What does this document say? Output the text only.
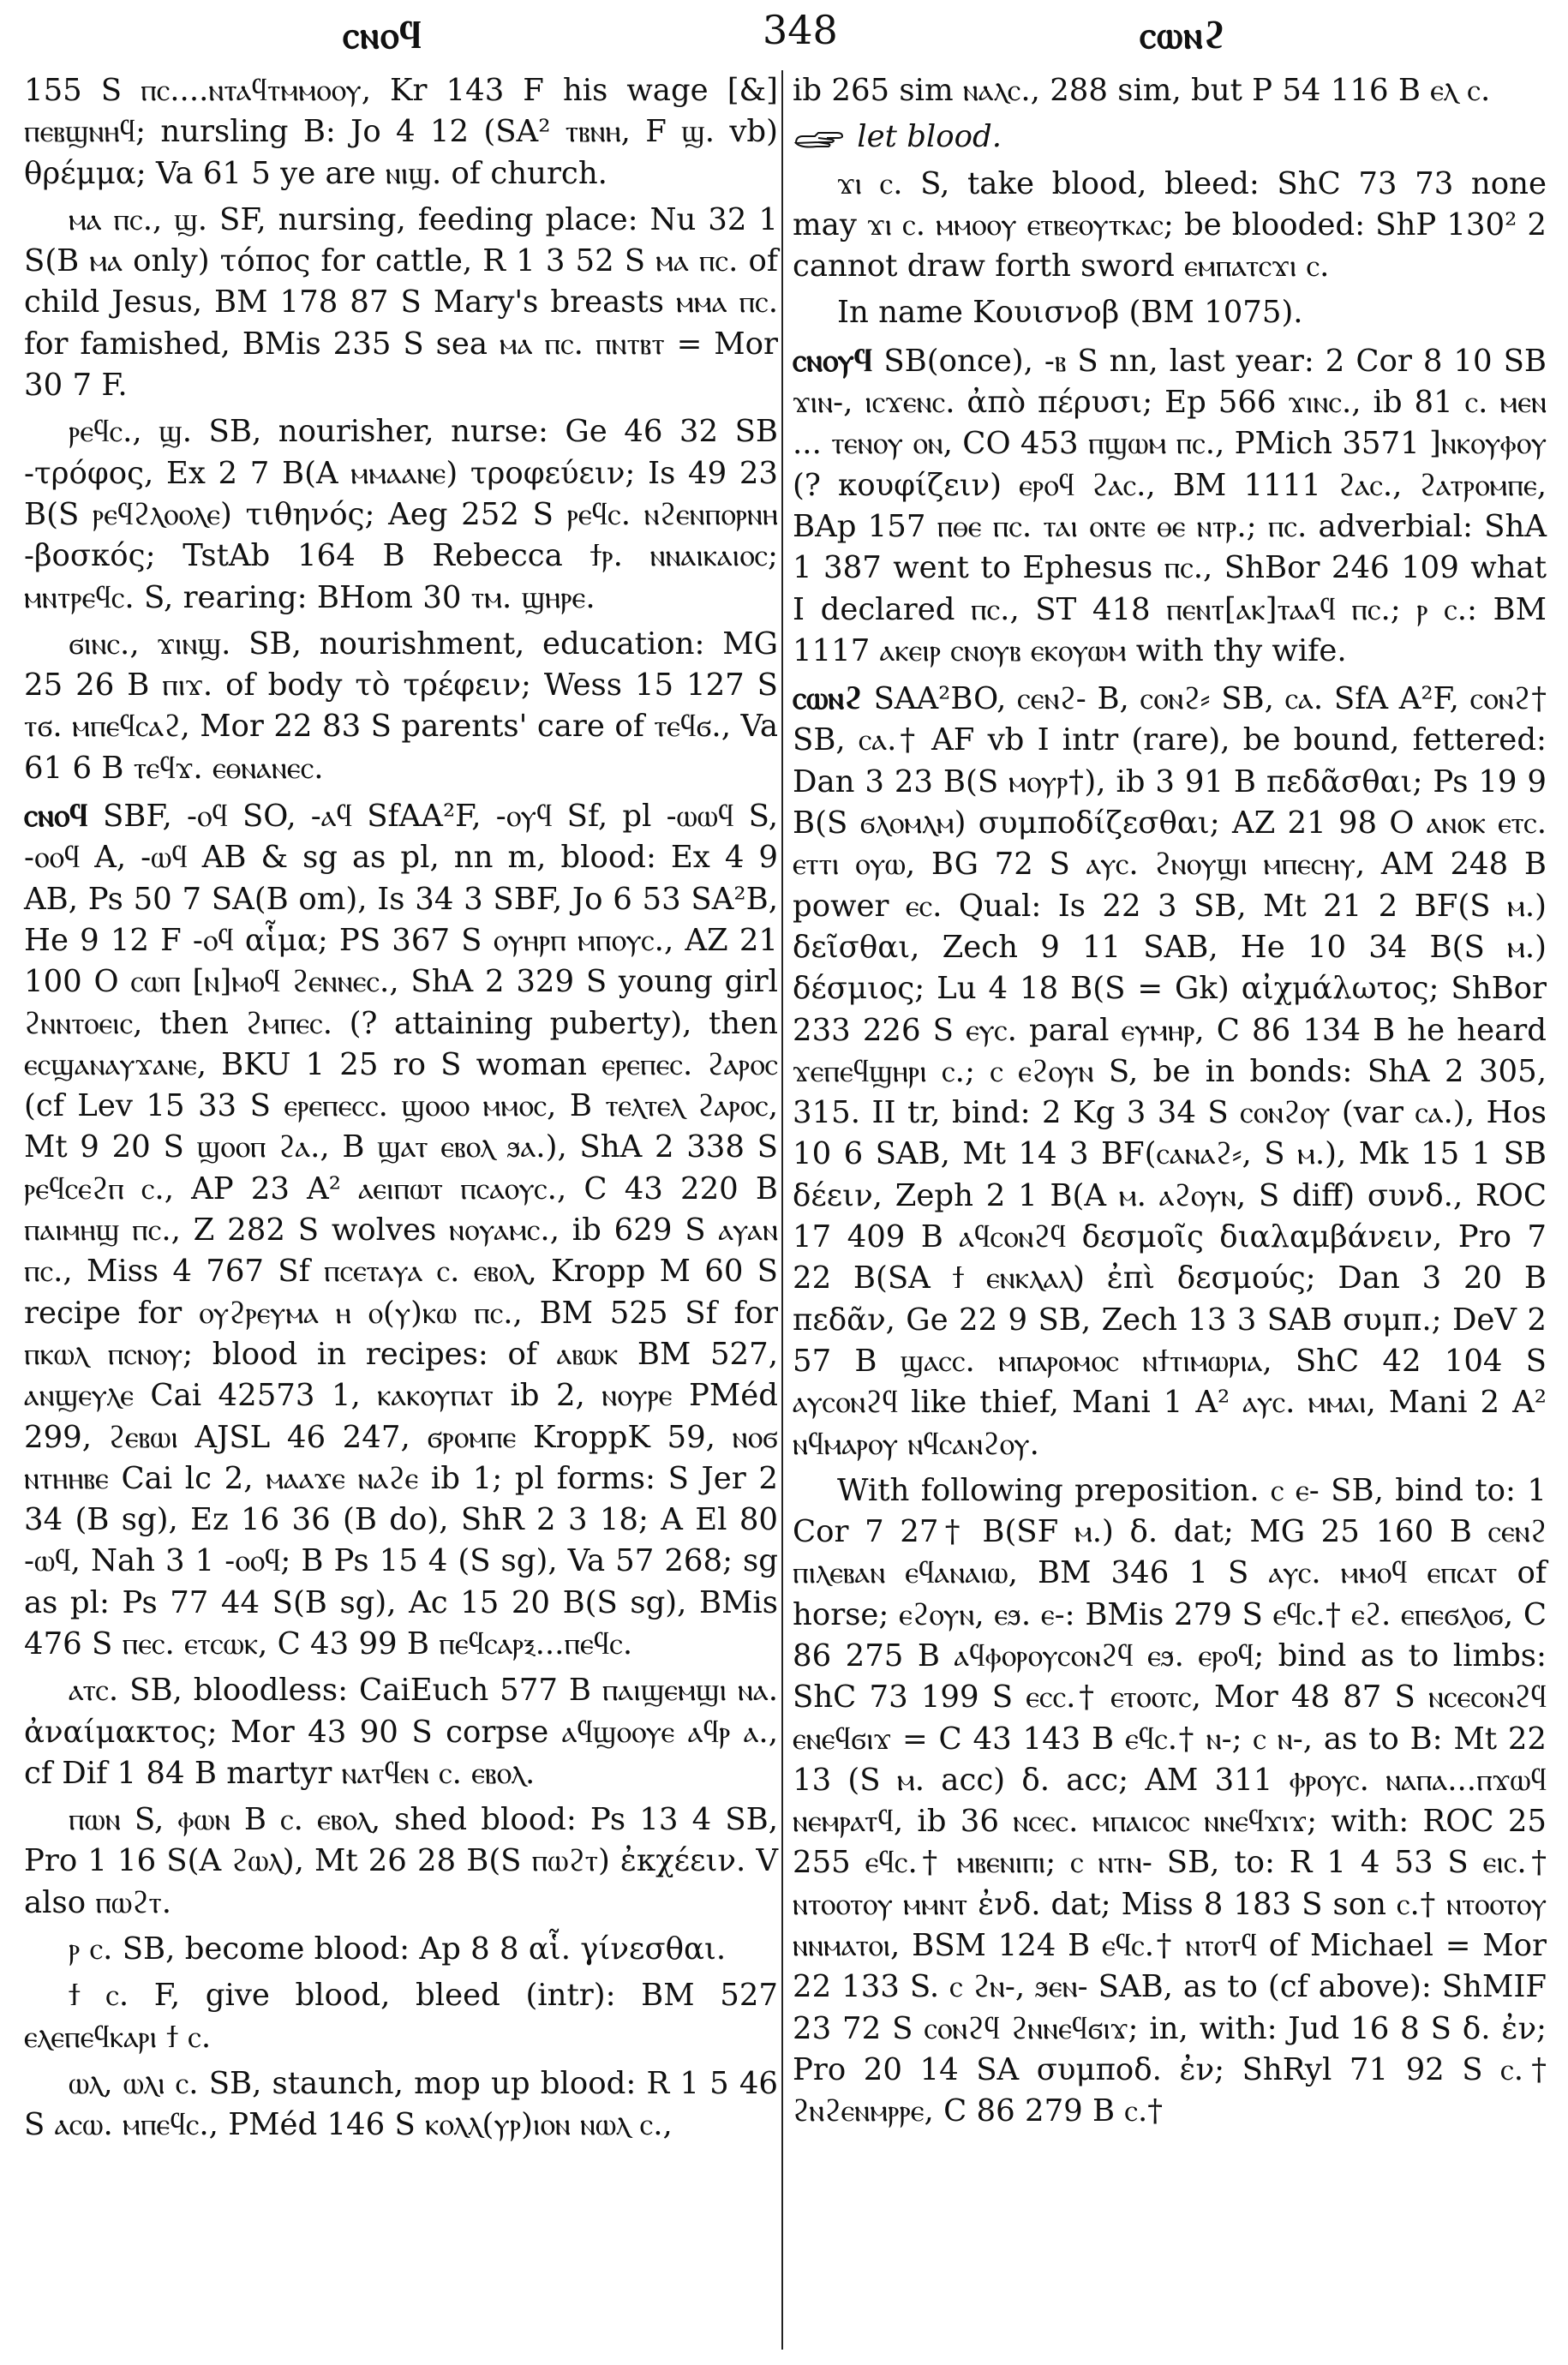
ⲥⲛⲟϥ	348	ⲥⲱⲛϩ

155 S ⲡⲥ....ⲛⲧⲁϥⲧⲙⲙⲟⲟⲩ, Kr 143 F his wage [&] ⲡⲉⲃϣⲛⲏϥ; nursling B: Jo 4 12 (SA² ⲧⲃⲛⲏ, F ϣ. vb) θρέμμα; Va 61 5 ye are ⲛⲓϣ. of church.

ⲙⲁ ⲡⲥ., ϣ. SF, nursing, feeding place: Nu 32 1 S(B ⲙⲁ only) τόπος for cattle, R 1 3 52 S ⲙⲁ ⲡⲥ. of child Jesus, BM 178 87 S Mary's breasts ⲙⲙⲁ ⲡⲥ. for famished, BMis 235 S sea ⲙⲁ ⲡⲥ. ⲡⲛⲧⲃⲧ = Mor 30 7 F.

ⲣⲉϥⲥ., ϣ. SB, nourisher, nurse: Ge 46 32 SB -τρόφος, Ex 2 7 B(A ⲙⲙⲁⲁⲛⲉ) τροφεύειν; Is 49 23 B(S ⲣⲉϥϩⲗⲟⲟⲗⲉ) τιθηνός; Aeg 252 S ⲣⲉϥⲥ. ⲛϩⲉⲛⲡⲟⲣⲛⲏ -βοσκός; TstAb 164 B Rebecca ϯⲣ. ⲛⲛⲁⲓⲕⲁⲓⲟⲥ; ⲙⲛⲧⲣⲉϥⲥ. S, rearing: BHom 30 ⲧⲙ. ϣⲏⲣⲉ.

ϭⲓⲛⲥ., ϫⲓⲛϣ. SB, nourishment, education: MG 25 26 B ⲡⲓϫ. of body τὸ τρέφειν; Wess 15 127 S ⲧϭ. ⲙⲡⲉϥⲥⲁϩ, Mor 22 83 S parents' care of ⲧⲉϥϭ., Va 61 6 B ⲧⲉϥϫ. ⲉⲑⲛⲁⲛⲉⲥ.

ⲥⲛⲟϥ SBF, -ⲟϥ SO, -ⲁϥ SfAA²F, -ⲟⲩϥ Sf, pl -ⲱⲱϥ S, -ⲟⲟϥ A, -ⲱϥ AB & sg as pl, nn m, blood: Ex 4 9 AB, Ps 50 7 SA(B om), Is 34 3 SBF, Jo 6 53 SA²B, He 9 12 F -ⲟϥ αἷμα; PS 367 S ⲟⲩⲏⲣⲡ ⲙⲡⲟⲩⲥ., AZ 21 100 O ⲥⲱⲡ [ⲛ]ⲙⲟϥ ϩⲉⲛⲛⲉⲥ., ShA 2 329 S young girl ϩⲛⲛⲧⲟⲉⲓⲥ, then ϩⲙⲡⲉⲥ. (? attaining puberty), then ⲉⲥϣⲁⲛⲁⲩϫⲁⲛⲉ, BKU 1 25 ro S woman ⲉⲣⲉⲡⲉⲥ. ϩⲁⲣⲟⲥ (cf Lev 15 33 S ⲉⲣⲉⲡⲉⲥⲥ. ϣⲟⲟⲟ ⲙⲙⲟⲥ, B ⲧⲉⲗⲧⲉⲗ ϩⲁⲣⲟⲥ, Mt 9 20 S ϣⲟⲟⲡ ϩⲁ., B ϣⲁⲧ ⲉⲃⲟⲗ ϧⲁ.), ShA 2 338 S ⲣⲉϥⲥⲉϩⲡ ⲥ., AP 23 A² ⲁⲉⲓⲡⲱⲧ ⲡⲥⲁⲟⲩⲥ., C 43 220 B ⲡⲁⲓⲙⲏϣ ⲡⲥ., Z 282 S wolves ⲛⲟⲩⲁⲙⲥ., ib 629 S ⲁⲩⲁⲛ ⲡⲥ., Miss 4 767 Sf ⲡⲥⲉⲧⲁⲩⲁ ⲥ. ⲉⲃⲟⲗ, Kropp M 60 S recipe for ⲟⲩϩⲣⲉⲩⲙⲁ ⲏ ⲟ(ⲩ)ⲕⲱ ⲡⲥ., BM 525 Sf for ⲡⲕⲱⲗ ⲡⲥⲛⲟⲩ; blood in recipes: of ⲁⲃⲱⲕ BM 527, ⲁⲛϣⲉⲩⲗⲉ Cai 42573 1, ⲕⲁⲕⲟⲩⲡⲁⲧ ib 2, ⲛⲟⲩⲣⲉ PMéd 299, ϩⲉⲃⲱⲓ AJSL 46 247, ϭⲣⲟⲙⲡⲉ KroppK 59, ⲛⲟϭ ⲛⲧⲏⲏⲃⲉ Cai lc 2, ⲙⲁⲁϫⲉ ⲛⲁϩⲉ ib 1; pl forms: S Jer 2 34 (B sg), Ez 16 36 (B do), ShR 2 3 18; A El 80 -ⲱϥ, Nah 3 1 -ⲟⲟϥ; B Ps 15 4 (S sg), Va 57 268; sg as pl: Ps 77 44 S(B sg), Ac 15 20 B(S sg), BMis 476 S ⲡⲉⲥ. ⲉⲧⲥⲱⲕ, C 43 99 B ⲡⲉϥⲥⲁⲣⲝ...ⲡⲉϥⲥ.

ⲁⲧⲥ. SB, bloodless: CaiEuch 577 B ⲡⲁⲓϣⲉⲙϣⲓ ⲛⲁ. ἀναίμακτος; Mor 43 90 S corpse ⲁϥϣⲟⲟⲩⲉ ⲁϥⲣ ⲁ., cf Dif 1 84 B martyr ⲛⲁⲧϥⲉⲛ ⲥ. ⲉⲃⲟⲗ.

ⲡⲱⲛ S, ⲫⲱⲛ B ⲥ. ⲉⲃⲟⲗ, shed blood: Ps 13 4 SB, Pro 1 16 S(A ϩⲱⲗ), Mt 26 28 B(S ⲡⲱϩⲧ) ἐκχέειν. V also ⲡⲱϩⲧ.

ⲣ ⲥ. SB, become blood: Ap 8 8 αἷ. γίνεσθαι.

ϯ ⲥ. F, give blood, bleed (intr): BM 527 ⲉⲗⲉⲡⲉϥⲕⲁⲣⲓ ϯ ⲥ.

ⲱⲗ, ⲱⲗⲓ ⲥ. SB, staunch, mop up blood: R 1 5 46 S ⲁⲥⲱ. ⲙⲡⲉϥⲥ., PMéd 146 S ⲕⲟⲗⲗ(ⲩⲣ)ⲓⲟⲛ ⲛⲱⲗ ⲥ.,

ib 265 sim ⲛⲁⲗⲥ., 288 sim, but P 54 116 B ⲉⲗ ⲥ.

let blood.

ϫⲓ ⲥ. S, take blood, bleed: ShC 73 73 none may ϫⲓ ⲥ. ⲙⲙⲟⲟⲩ ⲉⲧⲃⲉⲟⲩⲧⲕⲁⲥ; be blooded: ShP 130² 2 cannot draw forth sword ⲉⲙⲡⲁⲧⲥϫⲓ ⲥ.

In name Κουισνοβ (BM 1075).

ⲥⲛⲟⲩϥ SB(once), -ⲃ S nn, last year: 2 Cor 8 10 SB ϫⲓⲛ-, ⲓⲥϫⲉⲛⲥ. ἀπὸ πέρυσι; Ep 566 ϫⲓⲛⲥ., ib 81 ⲥ. ⲙⲉⲛ ... ⲧⲉⲛⲟⲩ ⲟⲛ, CO 453 ⲡϣⲱⲙ ⲡⲥ., PMich 3571 ]ⲛⲕⲟⲩⲫⲟⲩ (? κουφίζειν) ⲉⲣⲟϥ ϩⲁⲥ., BM 1111 ϩⲁⲥ., ϩⲁⲧⲣⲟⲙⲡⲉ, BAp 157 ⲡⲑⲉ ⲡⲥ. ⲧⲁⲓ ⲟⲛⲧⲉ ⲑⲉ ⲛⲧⲣ.; ⲡⲥ. adverbial: ShA 1 387 went to Ephesus ⲡⲥ., ShBor 246 109 what I declared ⲡⲥ., ST 418 ⲡⲉⲛⲧ[ⲁⲕ]ⲧⲁⲁϥ ⲡⲥ.; ⲣ ⲥ.: BM 1117 ⲁⲕⲉⲓⲣ ⲥⲛⲟⲩⲃ ⲉⲕⲟⲩⲱⲙ with thy wife.

ⲥⲱⲛϩ SAA²BO, ⲥⲉⲛϩ- B, ⲥⲟⲛϩ⸗ SB, ⲥⲁ. SfA A²F, ⲥⲟⲛϩ† SB, ⲥⲁ.† AF vb I intr (rare), be bound, fettered: Dan 3 23 B(S ⲙⲟⲩⲣ†), ib 3 91 B πεδᾶσθαι; Ps 19 9 B(S ϭⲗⲟⲙⲗⲙ) συμποδίζεσθαι; AZ 21 98 O ⲁⲛⲟⲕ ⲉⲧⲥ. ⲉⲧⲧⲓ ⲟⲩⲱ, BG 72 S ⲁⲩⲥ. ϩⲛⲟⲩϣⲓ ⲙⲡⲉⲥⲏⲩ, AM 248 B power ⲉⲥ. Qual: Is 22 3 SB, Mt 21 2 BF(S ⲙ.) δεῖσθαι, Zech 9 11 SAB, He 10 34 B(S ⲙ.) δέσμιος; Lu 4 18 B(S = Gk) αἰχμάλωτος; ShBor 233 226 S ⲉⲩⲥ. paral ⲉⲩⲙⲏⲣ, C 86 134 B he heard ϫⲉⲡⲉϥϣⲏⲣⲓ ⲥ.; ⲥ ⲉϩⲟⲩⲛ S, be in bonds: ShA 2 305, 315. II tr, bind: 2 Kg 3 34 S ⲥⲟⲛϩⲟⲩ (var ⲥⲁ.), Hos 10 6 SAB, Mt 14 3 BF(ⲥⲁⲛⲁϩ⸗, S ⲙ.), Mk 15 1 SB δέειν, Zeph 2 1 B(A ⲙ. ⲁϩⲟⲩⲛ, S diff) συνδ., ROC 17 409 B ⲁϥⲥⲟⲛϩϥ δεσμοῖς διαλαμβάνειν, Pro 7 22 B(SA ϯ ⲉⲛⲕⲗⲁⲗ) ἐπὶ δεσμούς; Dan 3 20 B πεδᾶν, Ge 22 9 SB, Zech 13 3 SAB συμπ.; DeV 2 57 B ϣⲁⲥⲥ. ⲙⲡⲁⲣⲟⲙⲟⲥ ⲛϯⲧⲓⲙⲱⲣⲓⲁ, ShC 42 104 S ⲁⲩⲥⲟⲛϩϥ like thief, Mani 1 A² ⲁⲩⲥ. ⲙⲙⲁⲓ, Mani 2 A² ⲛϥⲙⲁⲣⲟⲩ ⲛϥⲥⲁⲛϩⲟⲩ.

With following preposition. ⲥ ⲉ- SB, bind to: 1 Cor 7 27† B(SF ⲙ.) δ. dat; MG 25 160 B ⲥⲉⲛϩ ⲡⲓⲗⲉⲃⲁⲛ ⲉϥⲁⲛⲁⲓⲱ, BM 346 1 S ⲁⲩⲥ. ⲙⲙⲟϥ ⲉⲡⲥⲁⲧ of horse; ⲉϩⲟⲩⲛ, ⲉϧ. ⲉ-: BMis 279 S ⲉϥⲥ.† ⲉϩ. ⲉⲡⲉϭⲗⲟϭ, C 86 275 B ⲁϥⲫⲟⲣⲟⲩⲥⲟⲛϩϥ ⲉϧ. ⲉⲣⲟϥ; bind as to limbs: ShC 73 199 S ⲉⲥⲥ.† ⲉⲧⲟⲟⲧⲥ, Mor 48 87 S ⲛⲥⲉⲥⲟⲛϩϥ ⲉⲛⲉϥϭⲓϫ = C 43 143 B ⲉϥⲥ.† ⲛ-; ⲥ ⲛ-, as to B: Mt 22 13 (S ⲙ. acc) δ. acc; AM 311 ⲫⲣⲟⲩⲥ. ⲛⲁⲡⲁ...ⲡϫⲱϥ ⲛⲉⲙⲣⲁⲧϥ, ib 36 ⲛⲥⲉⲥ. ⲙⲡⲁⲓⲥⲟⲥ ⲛⲛⲉϥϫⲓϫ; with: ROC 25 255 ⲉϥⲥ.† ⲙⲃⲉⲛⲓⲡⲓ; ⲥ ⲛⲧⲛ- SB, to: R 1 4 53 S ⲉⲓⲥ.† ⲛⲧⲟⲟⲧⲟⲩ ⲙⲙⲛⲧ ἐνδ. dat; Miss 8 183 S son ⲥ.† ⲛⲧⲟⲟⲧⲟⲩ ⲛⲛⲙⲁⲧⲟⲓ, BSM 124 B ⲉϥⲥ.† ⲛⲧⲟⲧϥ of Michael = Mor 22 133 S. ⲥ ϩⲛ-, ϧⲉⲛ- SAB, as to (cf above): ShMIF 23 72 S ⲥⲟⲛϩϥ ϩⲛⲛⲉϥϭⲓϫ; in, with: Jud 16 8 S δ. ἐν; Pro 20 14 SA συμποδ. ἐν; ShRyl 71 92 S ⲥ.† ϩⲛϩⲉⲛⲙⲣⲣⲉ, C 86 279 B ⲥ.†
